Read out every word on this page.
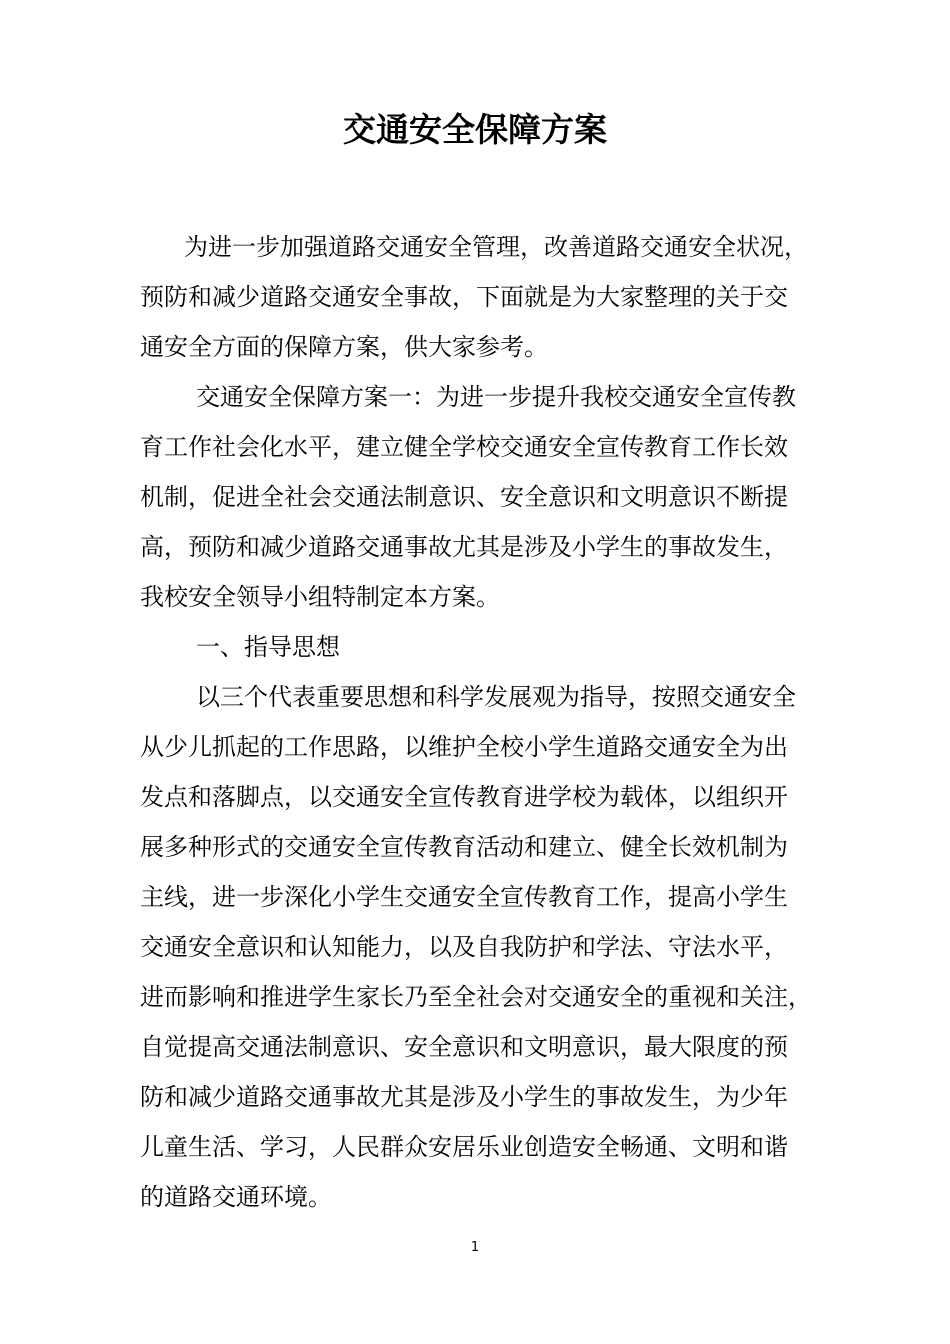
交通安全保障方案
为进一步加强道路交通安全管理，改善道路交通安全状况，
预防和减少道路交通安全事故，下面就是为大家整理的关于交
通安全方面的保障方案，供大家参考。
交通安全保障方案一：为进一步提升我校交通安全宣传教
育工作社会化水平，建立健全学校交通安全宣传教育工作长效
机制，促进全社会交通法制意识、安全意识和文明意识不断提
高，预防和减少道路交通事故尤其是涉及小学生的事故发生，
我校安全领导小组特制定本方案。
一、指导思想
以三个代表重要思想和科学发展观为指导，按照交通安全
从少儿抓起的工作思路，以维护全校小学生道路交通安全为出
发点和落脚点，以交通安全宣传教育进学校为载体，以组织开
展多种形式的交通安全宣传教育活动和建立、健全长效机制为
主线，进一步深化小学生交通安全宣传教育工作，提高小学生
交通安全意识和认知能力，以及自我防护和学法、守法水平，
进而影响和推进学生家长乃至全社会对交通安全的重视和关注，
自觉提高交通法制意识、安全意识和文明意识，最大限度的预
防和减少道路交通事故尤其是涉及小学生的事故发生，为少年
儿童生活、学习，人民群众安居乐业创造安全畅通、文明和谐
的道路交通环境。
1
